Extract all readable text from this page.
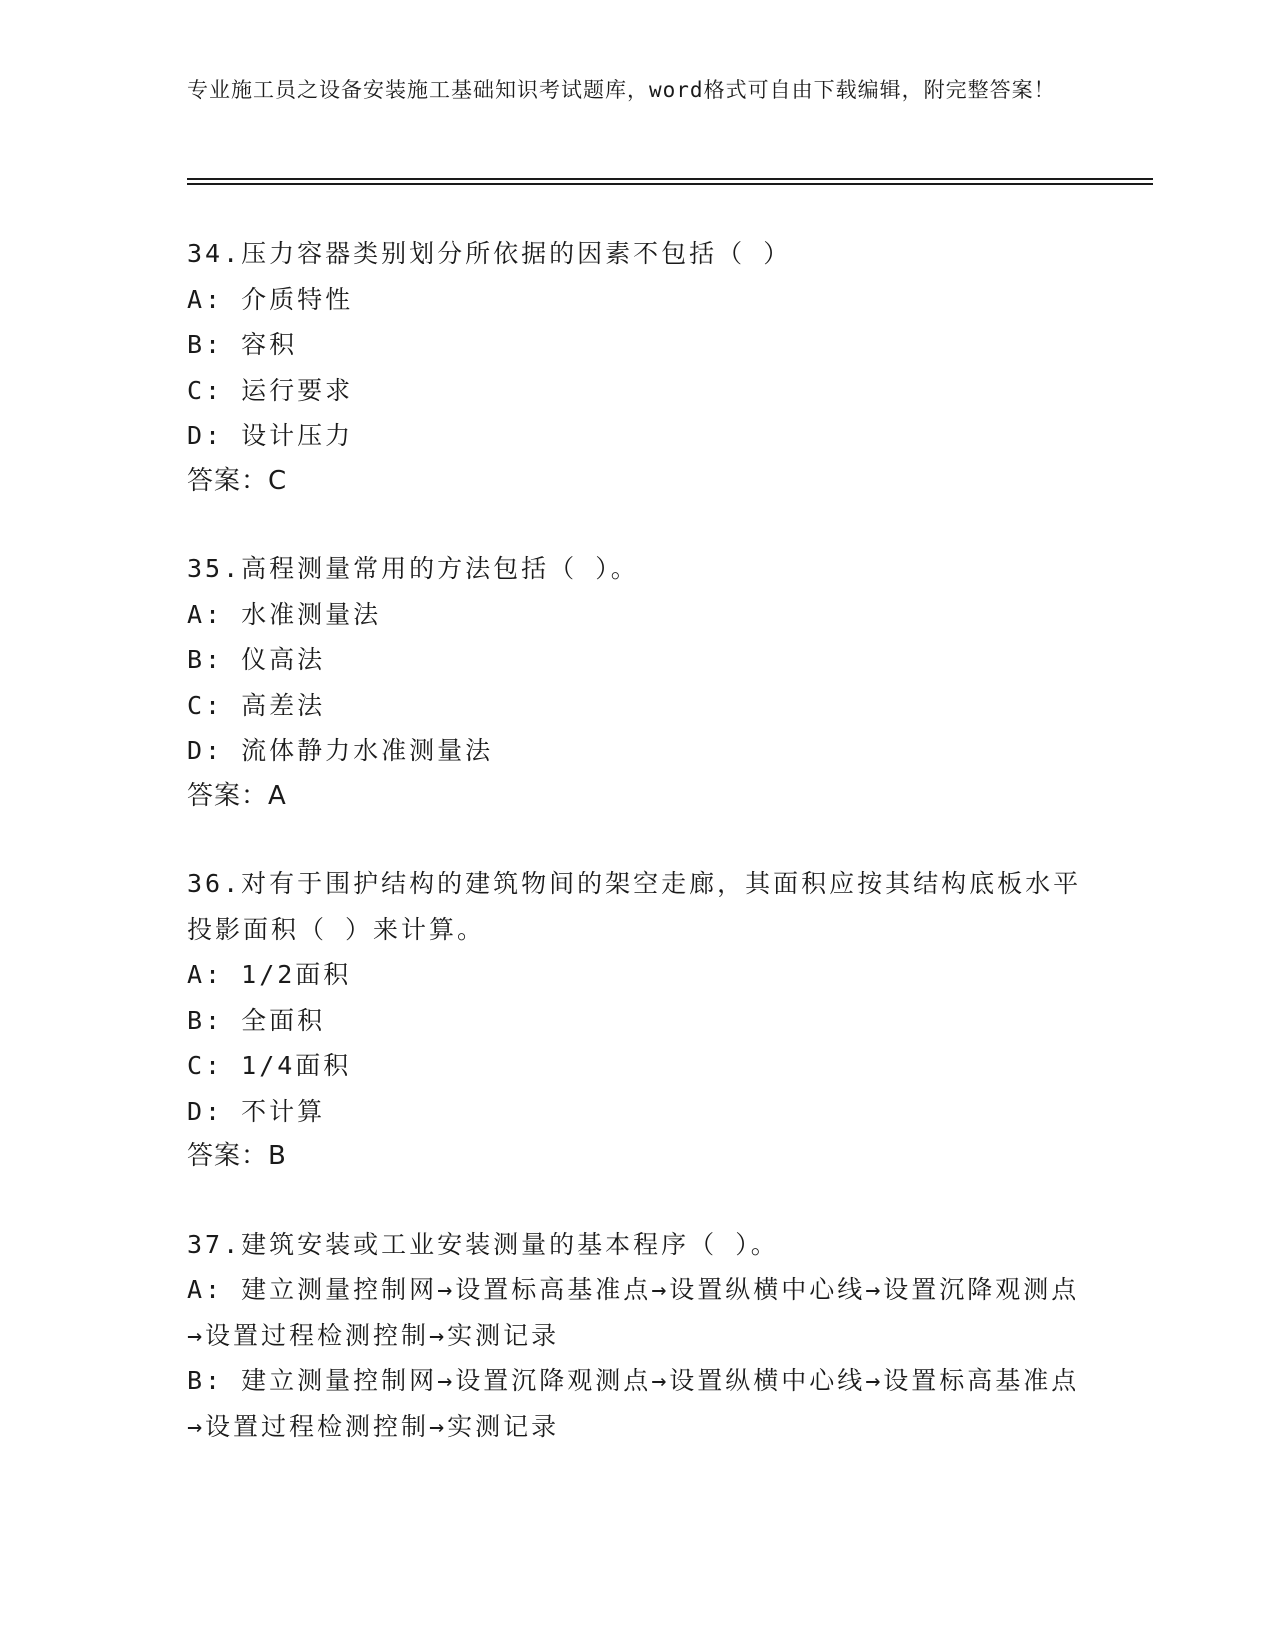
专业施工员之设备安装施工基础知识考试题库，word格式可自由下载编辑，附完整答案！
34.压力容器类别划分所依据的因素不包括（ ）
A: 介质特性
B: 容积
C: 运行要求
D: 设计压力
答案：C
35.高程测量常用的方法包括（ ）。
A: 水准测量法
B: 仪高法
C: 高差法
D: 流体静力水准测量法
答案：A
36.对有于围护结构的建筑物间的架空走廊，其面积应按其结构底板水平投影面积（ ）来计算。
A: 1/2面积
B: 全面积
C: 1/4面积
D: 不计算
答案：B
37.建筑安装或工业安装测量的基本程序（ ）。
A: 建立测量控制网→设置标高基准点→设置纵横中心线→设置沉降观测点→设置过程检测控制→实测记录
B: 建立测量控制网→设置沉降观测点→设置纵横中心线→设置标高基准点→设置过程检测控制→实测记录
